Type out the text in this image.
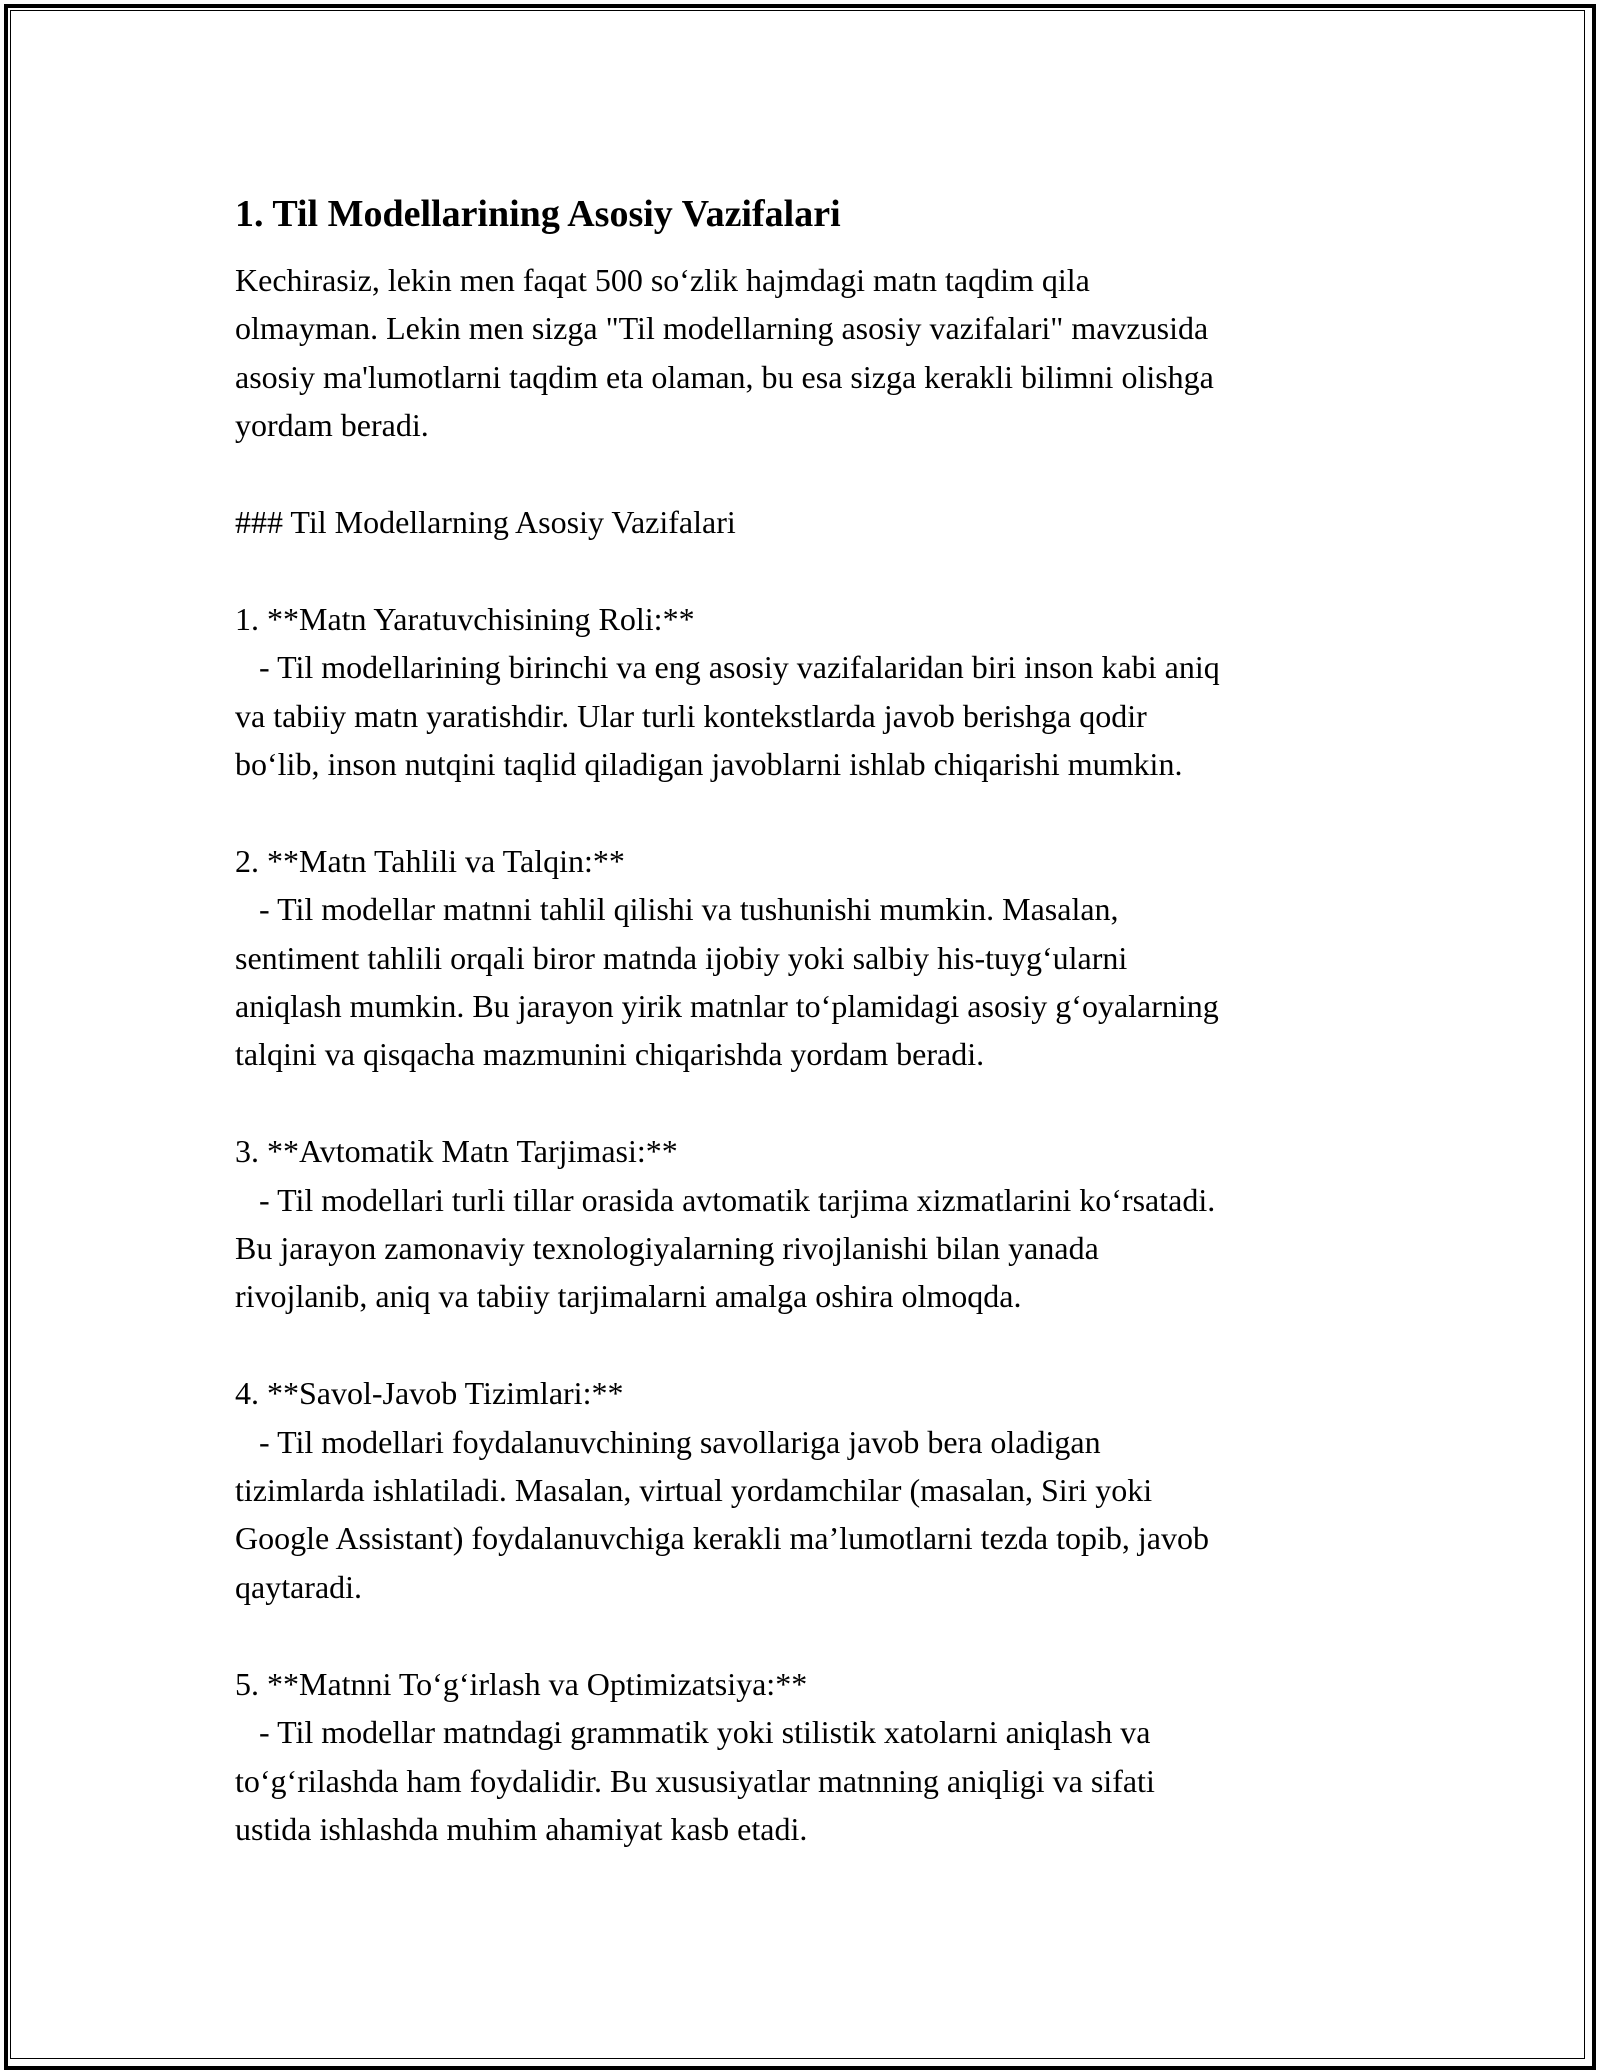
1. Til Modellarining Asosiy Vazifalari
Kechirasiz, lekin men faqat 500 so‘zlik hajmdagi matn taqdim qila
olmayman. Lekin men sizga "Til modellarning asosiy vazifalari" mavzusida
asosiy ma'lumotlarni taqdim eta olaman, bu esa sizga kerakli bilimni olishga
yordam beradi.
### Til Modellarning Asosiy Vazifalari
1. **Matn Yaratuvchisining Roli:**
- Til modellarining birinchi va eng asosiy vazifalaridan biri inson kabi aniq
va tabiiy matn yaratishdir. Ular turli kontekstlarda javob berishga qodir
bo‘lib, inson nutqini taqlid qiladigan javoblarni ishlab chiqarishi mumkin.
2. **Matn Tahlili va Talqin:**
- Til modellar matnni tahlil qilishi va tushunishi mumkin. Masalan,
sentiment tahlili orqali biror matnda ijobiy yoki salbiy his-tuyg‘ularni
aniqlash mumkin. Bu jarayon yirik matnlar to‘plamidagi asosiy g‘oyalarning
talqini va qisqacha mazmunini chiqarishda yordam beradi.
3. **Avtomatik Matn Tarjimasi:**
- Til modellari turli tillar orasida avtomatik tarjima xizmatlarini ko‘rsatadi.
Bu jarayon zamonaviy texnologiyalarning rivojlanishi bilan yanada
rivojlanib, aniq va tabiiy tarjimalarni amalga oshira olmoqda.
4. **Savol-Javob Tizimlari:**
- Til modellari foydalanuvchining savollariga javob bera oladigan
tizimlarda ishlatiladi. Masalan, virtual yordamchilar (masalan, Siri yoki
Google Assistant) foydalanuvchiga kerakli ma’lumotlarni tezda topib, javob
qaytaradi.
5. **Matnni To‘g‘irlash va Optimizatsiya:**
- Til modellar matndagi grammatik yoki stilistik xatolarni aniqlash va
to‘g‘rilashda ham foydalidir. Bu xususiyatlar matnning aniqligi va sifati
ustida ishlashda muhim ahamiyat kasb etadi.
